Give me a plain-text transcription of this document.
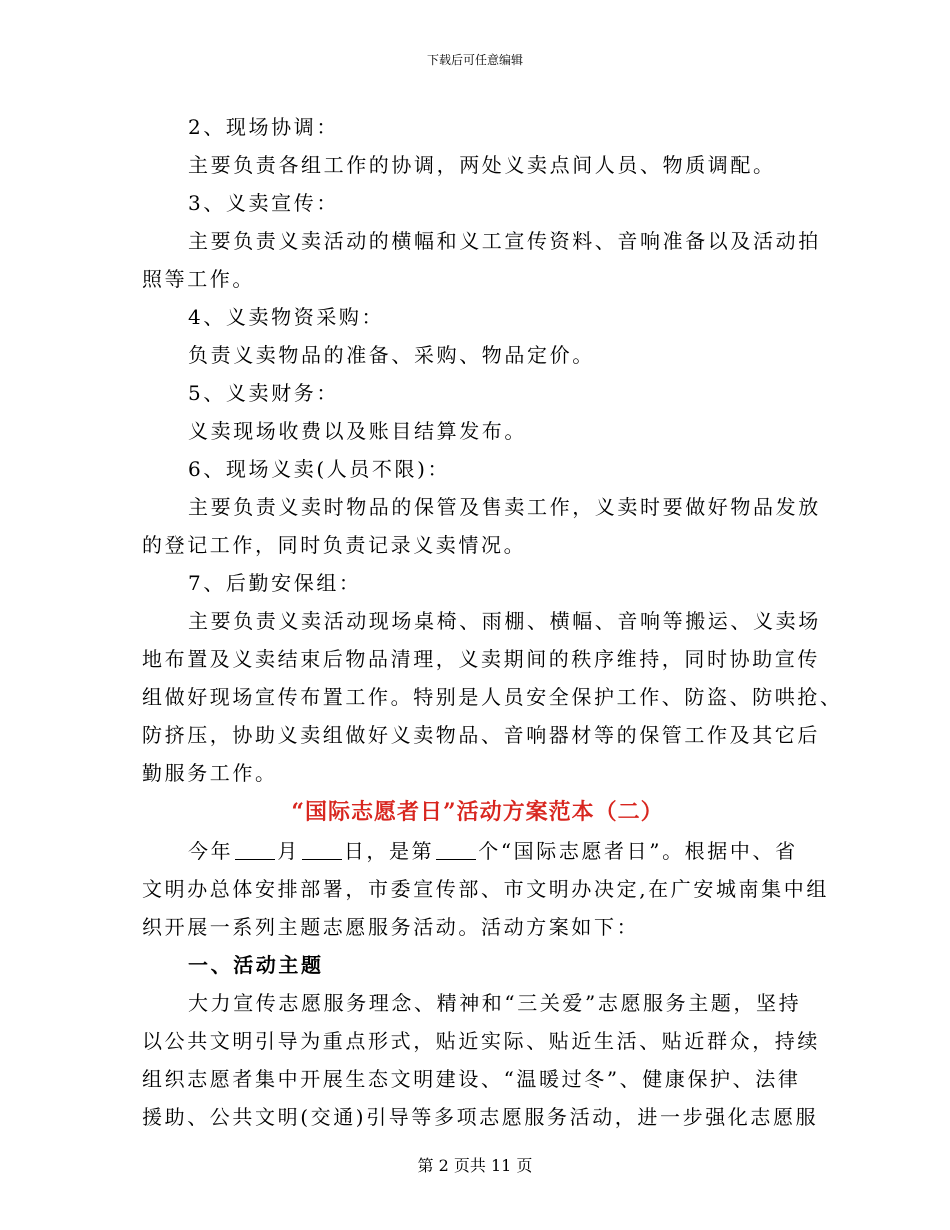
下载后可任意编辑
2、现场协调：
主要负责各组工作的协调，两处义卖点间人员、物质调配。
3、义卖宣传：
主要负责义卖活动的横幅和义工宣传资料、音响准备以及活动拍
照等工作。
4、义卖物资采购：
负责义卖物品的准备、采购、物品定价。
5、义卖财务：
义卖现场收费以及账目结算发布。
6、现场义卖(人员不限)：
主要负责义卖时物品的保管及售卖工作，义卖时要做好物品发放
的登记工作，同时负责记录义卖情况。
7、后勤安保组：
主要负责义卖活动现场桌椅、雨棚、横幅、音响等搬运、义卖场
地布置及义卖结束后物品清理，义卖期间的秩序维持，同时协助宣传
组做好现场宣传布置工作。特别是人员安全保护工作、防盗、防哄抢、
防挤压，协助义卖组做好义卖物品、音响器材等的保管工作及其它后
勤服务工作。
“国际志愿者日”活动方案范本（二）
今年 月 日，是第 个“国际志愿者日”。根据中、省
文明办总体安排部署，市委宣传部、市文明办决定,在广安城南集中组
织开展一系列主题志愿服务活动。活动方案如下：
一、活动主题
大力宣传志愿服务理念、精神和“三关爱”志愿服务主题，坚持
以公共文明引导为重点形式，贴近实际、贴近生活、贴近群众，持续
组织志愿者集中开展生态文明建设、“温暖过冬”、健康保护、法律
援助、公共文明(交通)引导等多项志愿服务活动，进一步强化志愿服
第 2 页共 11 页
